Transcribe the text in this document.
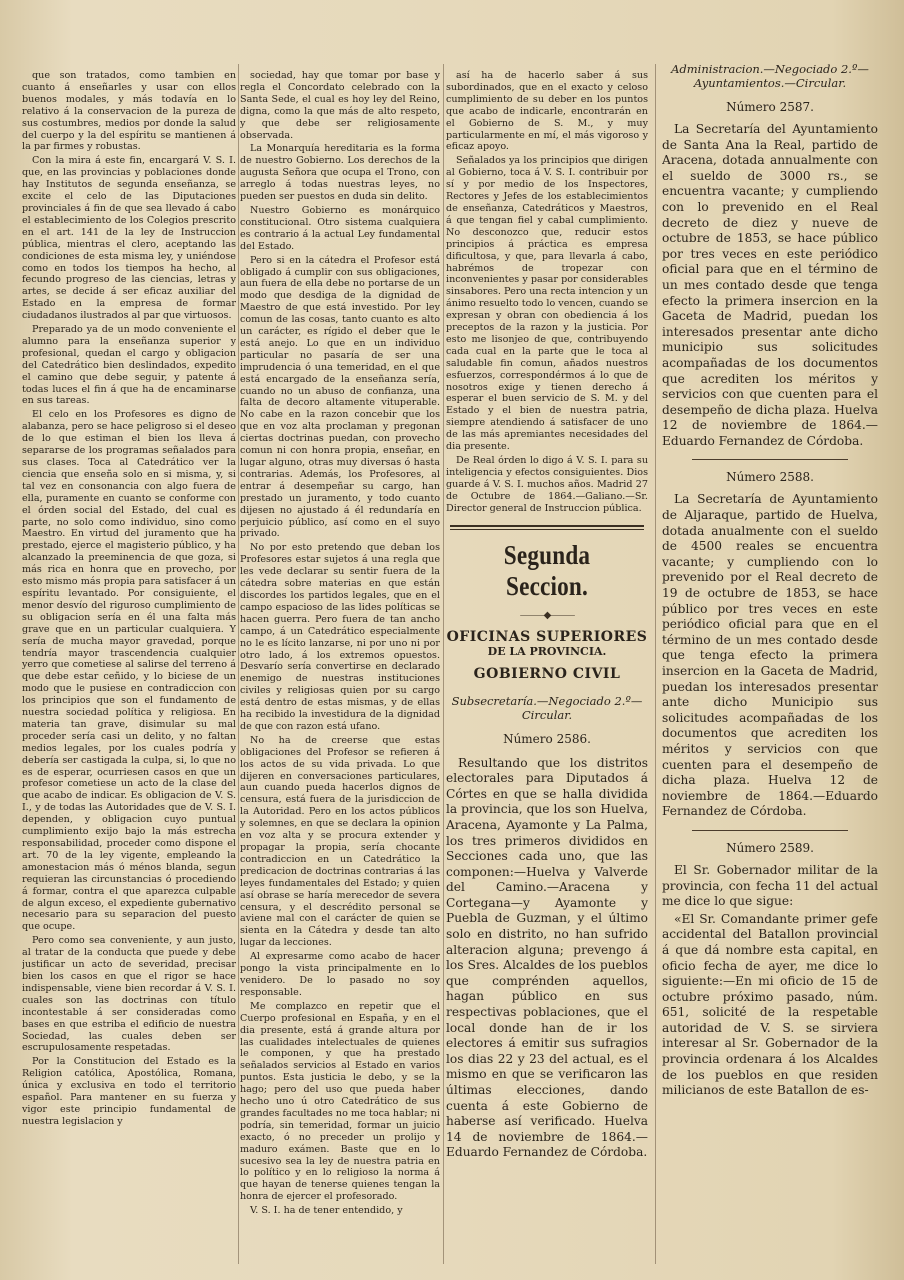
que son tratados, como tambien en cuanto á enseñarles y usar con ellos buenos modales, y más todavía en lo relativo á la conservacion de la pureza de sus costumbres, medios por donde la salud del cuerpo y la del espíritu se mantienen á la par firmes y robustas.

Con la mira á este fin, encargará V. S. I. que, en las provincias y poblaciones donde hay Institutos de segunda enseñanza, se excite el celo de las Diputaciones provinciales á fin de que sea llevado á cabo el establecimiento de los Colegios prescrito en el art. 141 de la ley de Instruccion pública, mientras el clero, aceptando las condiciones de esta misma ley, y uniéndose como en todos los tiempos ha hecho, al fecundo progreso de las ciencias, letras y artes, se decide á ser eficaz auxiliar del Estado en la empresa de formar ciudadanos ilustrados al par que virtuosos.

Preparado ya de un modo conveniente el alumno para la enseñanza superior y profesional, quedan el cargo y obligacion del Catedrático bien deslindados, expedito el camino que debe seguir, y patente á todas luces el fin á que ha de encaminarse en sus tareas.

El celo en los Profesores es digno de alabanza, pero se hace peligroso si el deseo de lo que estiman el bien los lleva á separarse de los programas señalados para sus clases. Toca al Catedrático ver la ciencia que enseña solo en si misma, y, si tal vez en consonancia con algo fuera de ella, puramente en cuanto se conforme con el órden social del Estado, del cual es parte, no solo como individuo, sino como Maestro. En virtud del juramento que ha prestado, ejerce el magisterio público, y ha alcanzado la preeminencia de que goza, si más rica en honra que en provecho, por esto mismo más propia para satisfacer á un espíritu levantado. Por consiguiente, el menor desvío del riguroso cumplimiento de su obligacion sería en él una falta más grave que en un particular cualquiera. Y sería de mucha mayor gravedad, porque tendría mayor trascendencia cualquier yerro que cometiese al salirse del terreno á que debe estar ceñido, y lo biciese de un modo que le pusiese en contradiccion con los principios que son el fundamento de nuestra sociedad política y religiosa. En materia tan grave, disimular su mal proceder sería casi un delito, y no faltan medios legales, por los cuales podría y debería ser castigada la culpa, si, lo que no es de esperar, ocurriesen casos en que un profesor cometiese un acto de la clase del que acabo de indicar. Es obligacion de V. S. I., y de todas las Autoridades que de V. S. I. dependen, y obligacion cuyo puntual cumplimiento exijo bajo la más estrecha responsabilidad, proceder como dispone el art. 70 de la ley vigente, empleando la amonestacion más ó ménos blanda, segun requieran las circunstancias ó procediendo á formar, contra el que aparezca culpable de algun exceso, el expediente gubernativo necesario para su separacion del puesto que ocupe.

Pero como sea conveniente, y aun justo, al tratar de la conducta que puede y debe justificar un acto de severidad, precisar bien los casos en que el rigor se hace indispensable, viene bien recordar á V. S. I. cuales son las doctrinas con título incontestable á ser consideradas como bases en que estriba el edificio de nuestra Sociedad, las cuales deben ser escrupulosamente respetadas.

Por la Constitucion del Estado es la Religion católica, Apostólica, Romana, única y exclusiva en todo el territorio español. Para mantener en su fuerza y vigor este principio fundamental de nuestra legislacion y

sociedad, hay que tomar por base y regla el Concordato celebrado con la Santa Sede, el cual es hoy ley del Reino, digna, como la que más de alto respeto, y que debe ser religiosamente observada.

La Monarquía hereditaria es la forma de nuestro Gobierno. Los derechos de la augusta Señora que ocupa el Trono, con arreglo á todas nuestras leyes, no pueden ser puestos en duda sin delito.

Nuestro Gobierno es monárquico constitucional. Otro sistema cualquiera es contrario á la actual Ley fundamental del Estado.

Pero si en la cátedra el Profesor está obligado á cumplir con sus obligaciones, aun fuera de ella debe no portarse de un modo que desdiga de la dignidad de Maestro de que está investido. Por ley comun de las cosas, tanto cuanto es alto un carácter, es rígido el deber que le está anejo. Lo que en un individuo particular no pasaría de ser una imprudencia ó una temeridad, en el que está encargado de la enseñanza sería, cuando no un abuso de confianza, una falta de decoro altamente vituperable. No cabe en la razon concebir que los que en voz alta proclaman y pregonan ciertas doctrinas puedan, con provecho comun ni con honra propia, enseñar, en lugar alguno, otras muy diversas ó hasta contrarias. Además, los Profesores, al entrar á desempeñar su cargo, han prestado un juramento, y todo cuanto dijesen no ajustado á él redundaría en perjuicio público, así como en el suyo privado.

No por esto pretendo que deban los Profesores estar sujetos á una regla que les vede declarar su sentir fuera de la cátedra sobre materias en que están discordes los partidos legales, que en el campo espacioso de las lides políticas se hacen guerra. Pero fuera de tan ancho campo, á un Catedrático especialmente no le es lícito lanzarse, ni por uno ni por otro lado, á los extremos opuestos. Desvarío sería convertirse en declarado enemigo de nuestras instituciones civiles y religiosas quien por su cargo está dentro de estas mismas, y de ellas ha recibido la investidura de la dignidad de que con razon está ufano.

No ha de creerse que estas obligaciones del Profesor se refieren á los actos de su vida privada. Lo que dijeren en conversaciones particulares, aun cuando pueda hacerlos dignos de censura, está fuera de la jurisdiccion de la Autoridad. Pero en los actos públicos y solemnes, en que se declara la opinion en voz alta y se procura extender y propagar la propia, sería chocante contradiccion en un Catedrático la predicacion de doctrinas contrarias á las leyes fundamentales del Estado; y quien así obrase se haría merecedor de severa censura, y el descrédito personal se aviene mal con el carácter de quien se sienta en la Cátedra y desde tan alto lugar da lecciones.

Al expresarme como acabo de hacer pongo la vista principalmente en lo venidero. De lo pasado no soy responsable.

Me complazco en repetir que el Cuerpo profesional en España, y en el dia presente, está á grande altura por las cualidades intelectuales de quienes le componen, y que ha prestado señalados servicios al Estado en varios puntos. Esta justicia le debo, y se la hago; pero del uso que pueda haber hecho uno ú otro Catedrático de sus grandes facultades no me toca hablar; ni podría, sin temeridad, formar un juicio exacto, ó no preceder un prolijo y maduro exámen. Baste que en lo sucesivo sea la ley de nuestra patria en lo político y en lo religioso la norma á que hayan de tenerse quienes tengan la honra de ejercer el profesorado.

V. S. I. ha de tener entendido, y

así ha de hacerlo saber á sus subordinados, que en el exacto y celoso cumplimiento de su deber en los puntos que acabo de indicarle, encontrarán en el Gobierno de S. M., y muy particularmente en mí, el más vigoroso y eficaz apoyo.

Señalados ya los principios que dirigen al Gobierno, toca á V. S. I. contribuir por sí y por medio de los Inspectores, Rectores y Jefes de los establecimientos de enseñanza, Catedráticos y Maestros, á que tengan fiel y cabal cumplimiento. No desconozco que, reducir estos principios á práctica es empresa dificultosa, y que, para llevarla á cabo, habrémos de tropezar con inconvenientes y pasar por considerables sinsabores. Pero una recta intencion y un ánimo resuelto todo lo vencen, cuando se expresan y obran con obediencia á los preceptos de la razon y la justicia. Por esto me lisonjeo de que, contribuyendo cada cual en la parte que le toca al saludable fin comun, añados nuestros esfuerzos, correspondérmos á lo que de nosotros exige y tienen derecho á esperar el buen servicio de S. M. y del Estado y el bien de nuestra patria, siempre atendiendo á satisfacer de uno de las más apremiantes necesidades del dia presente.

De Real órden lo digo á V. S. I. para su inteligencia y efectos consiguientes. Dios guarde á V. S. I. muchos años. Madrid 27 de Octubre de 1864.—Galiano.—Sr. Director general de Instruccion pública.

Segunda Seccion.
⸻◆⸻
OFICINAS SUPERIORES
DE LA PROVINCIA.
GOBIERNO CIVIL
Subsecretaría.—Negociado 2.º— Circular.
Número 2586.

Resultando que los distritos electorales para Diputados á Córtes en que se halla dividida la provincia, que los son Huelva, Aracena, Ayamonte y La Palma, los tres primeros divididos en Secciones cada uno, que las componen:—Huelva y Valverde del Camino.—Aracena y Cortegana—y Ayamonte y Puebla de Guzman, y el último solo en distrito, no han sufrido alteracion alguna; prevengo á los Sres. Alcaldes de los pueblos que comprénden aquellos, hagan público en sus respectivas poblaciones, que el local donde han de ir los electores á emitir sus sufragios los dias 22 y 23 del actual, es el mismo en que se verificaron las últimas elecciones, dando cuenta á este Gobierno de haberse así verificado. Huelva 14 de noviembre de 1864.—Eduardo Fernandez de Córdoba.

Administracion.—Negociado 2.º— Ayuntamientos.—Circular.
Número 2587.

La Secretaría del Ayuntamiento de Santa Ana la Real, partido de Aracena, dotada annualmente con el sueldo de 3000 rs., se encuentra vacante; y cumpliendo con lo prevenido en el Real decreto de diez y nueve de octubre de 1853, se hace público por tres veces en este periódico oficial para que en el término de un mes contado desde que tenga efecto la primera insercion en la Gaceta de Madrid, puedan los interesados presentar ante dicho municipio sus solicitudes acompañadas de los documentos que acrediten los méritos y servicios con que cuenten para el desempeño de dicha plaza. Huelva 12 de noviembre de 1864.—Eduardo Fernandez de Córdoba.

Número 2588.

La Secretaría de Ayuntamiento de Aljaraque, partido de Huelva, dotada anualmente con el sueldo de 4500 reales se encuentra vacante; y cumpliendo con lo prevenido por el Real decreto de 19 de octubre de 1853, se hace público por tres veces en este periódico oficial para que en el término de un mes contado desde que tenga efecto la primera insercion en la Gaceta de Madrid, puedan los interesados presentar ante dicho Municipio sus solicitudes acompañadas de los documentos que acrediten los méritos y servicios con que cuenten para el desempeño de dicha plaza. Huelva 12 de noviembre de 1864.—Eduardo Fernandez de Córdoba.

Número 2589.

El Sr. Gobernador militar de la provincia, con fecha 11 del actual me dice lo que sigue:

«El Sr. Comandante primer gefe accidental del Batallon provincial á que dá nombre esta capital, en oficio fecha de ayer, me dice lo siguiente:—En mi oficio de 15 de octubre próximo pasado, núm. 651, solicité de la respetable autoridad de V. S. se sirviera interesar al Sr. Gobernador de la provincia ordenara á los Alcaldes de los pueblos en que residen milicianos de este Batallon de es-
